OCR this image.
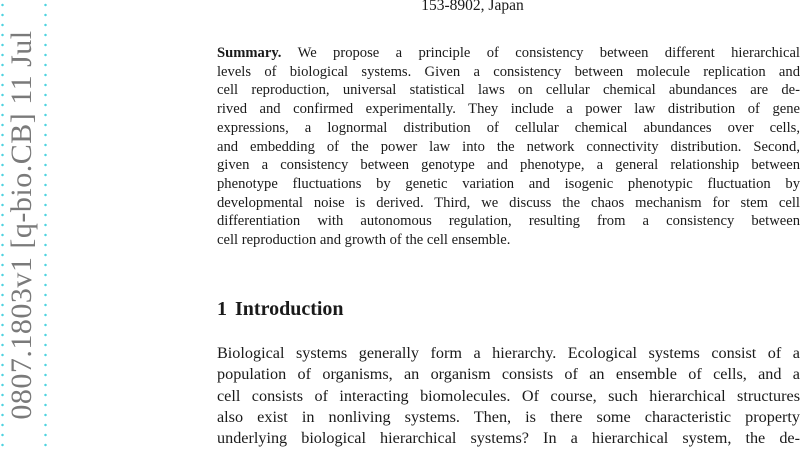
0807.1803v1 [q-bio.CB] 11 Jul
153-8902, Japan
Summary. We propose a principle of consistency between different hierarchical
levels of biological systems. Given a consistency between molecule replication and
cell reproduction, universal statistical laws on cellular chemical abundances are de-
rived and confirmed experimentally. They include a power law distribution of gene
expressions, a lognormal distribution of cellular chemical abundances over cells,
and embedding of the power law into the network connectivity distribution. Second,
given a consistency between genotype and phenotype, a general relationship between
phenotype fluctuations by genetic variation and isogenic phenotypic fluctuation by
developmental noise is derived. Third, we discuss the chaos mechanism for stem cell
differentiation with autonomous regulation, resulting from a consistency between
cell reproduction and growth of the cell ensemble.
1 Introduction
Biological systems generally form a hierarchy. Ecological systems consist of a
population of organisms, an organism consists of an ensemble of cells, and a
cell consists of interacting biomolecules. Of course, such hierarchical structures
also exist in nonliving systems. Then, is there some characteristic property
underlying biological hierarchical systems? In a hierarchical system, the de-
